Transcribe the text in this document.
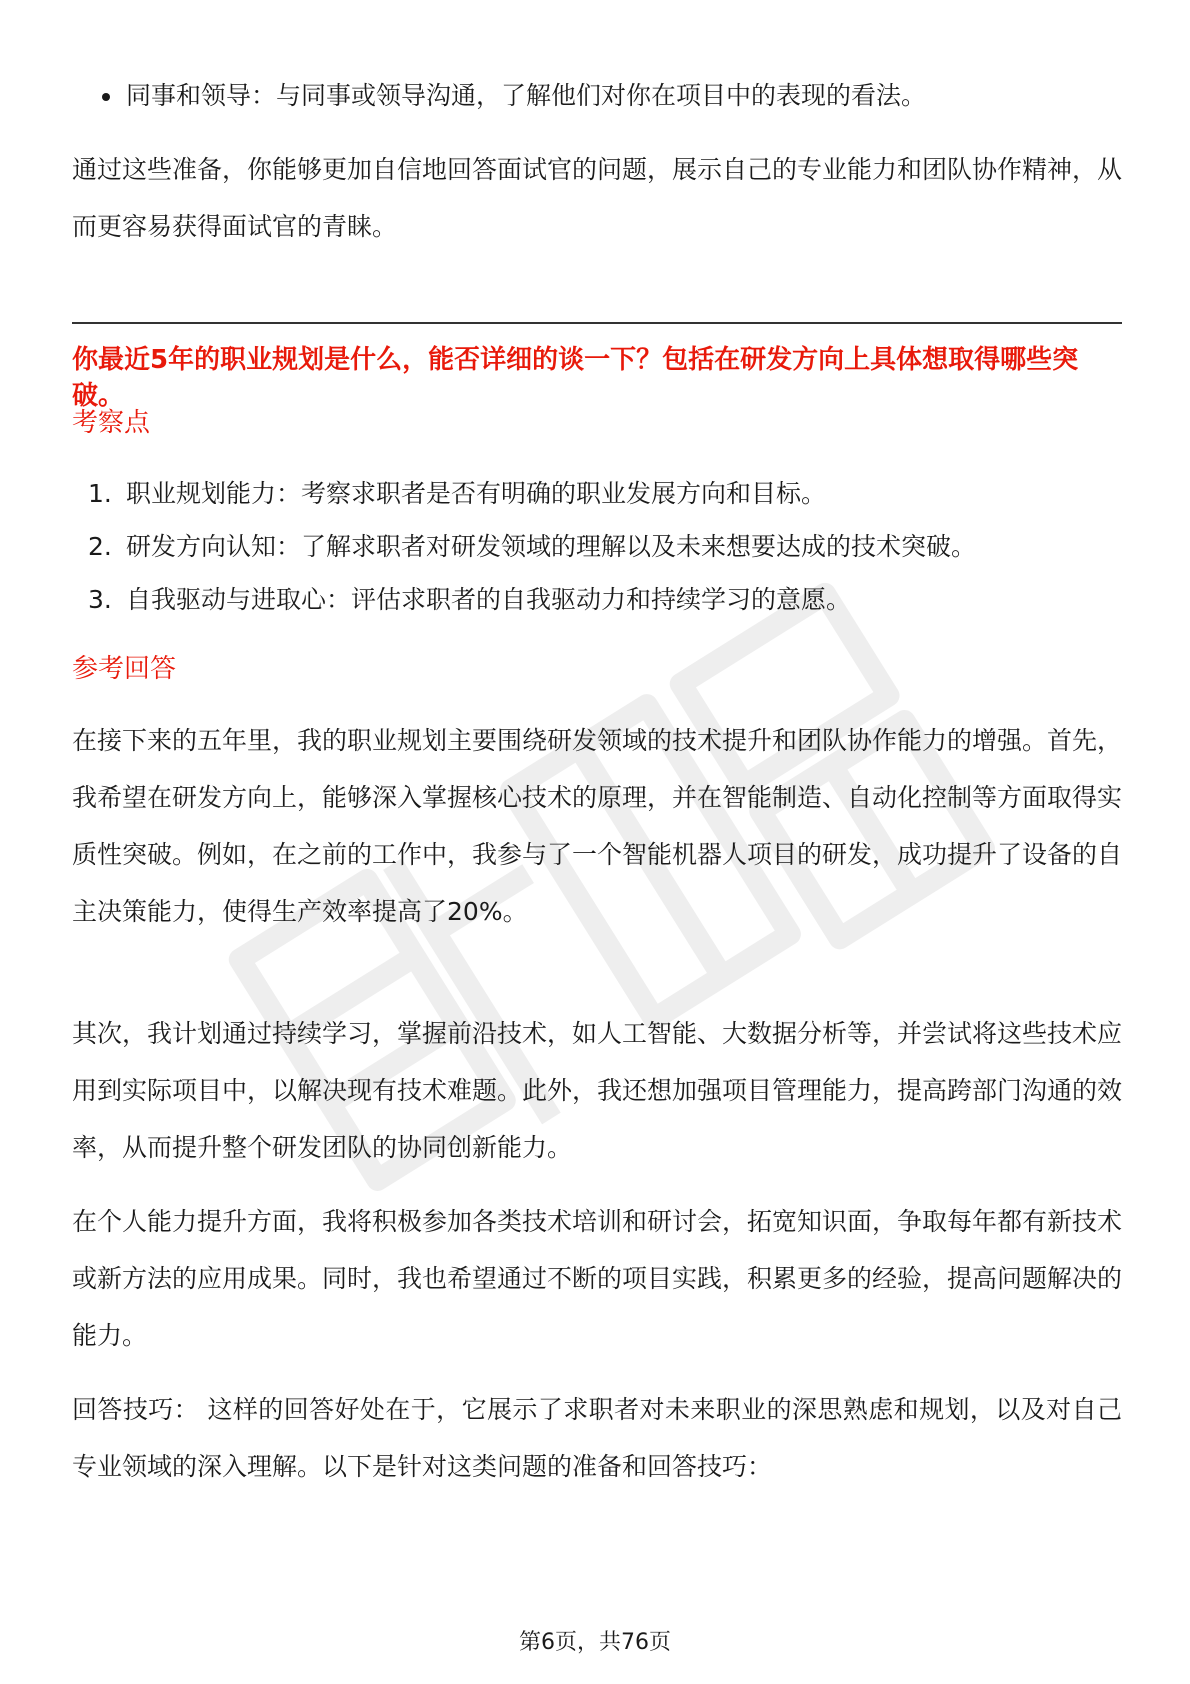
同事和领导：与同事或领导沟通，了解他们对你在项目中的表现的看法。

通过这些准备，你能够更加自信地回答面试官的问题，展示自己的专业能力和团队协作精神，从而更容易获得面试官的青睐。

你最近5年的职业规划是什么，能否详细的谈一下？包括在研发方向上具体想取得哪些突破。
考察点
1. 职业规划能力：考察求职者是否有明确的职业发展方向和目标。
2. 研发方向认知：了解求职者对研发领域的理解以及未来想要达成的技术突破。
3. 自我驱动与进取心：评估求职者的自我驱动力和持续学习的意愿。
参考回答

在接下来的五年里，我的职业规划主要围绕研发领域的技术提升和团队协作能力的增强。首先，我希望在研发方向上，能够深入掌握核心技术的原理，并在智能制造、自动化控制等方面取得实质性突破。例如，在之前的工作中，我参与了一个智能机器人项目的研发，成功提升了设备的自主决策能力，使得生产效率提高了20%。

其次，我计划通过持续学习，掌握前沿技术，如人工智能、大数据分析等，并尝试将这些技术应用到实际项目中，以解决现有技术难题。此外，我还想加强项目管理能力，提高跨部门沟通的效率，从而提升整个研发团队的协同创新能力。

在个人能力提升方面，我将积极参加各类技术培训和研讨会，拓宽知识面，争取每年都有新技术或新方法的应用成果。同时，我也希望通过不断的项目实践，积累更多的经验，提高问题解决的能力。

回答技巧： 这样的回答好处在于，它展示了求职者对未来职业的深思熟虑和规划，以及对自己专业领域的深入理解。以下是针对这类问题的准备和回答技巧：

第6页，共76页
